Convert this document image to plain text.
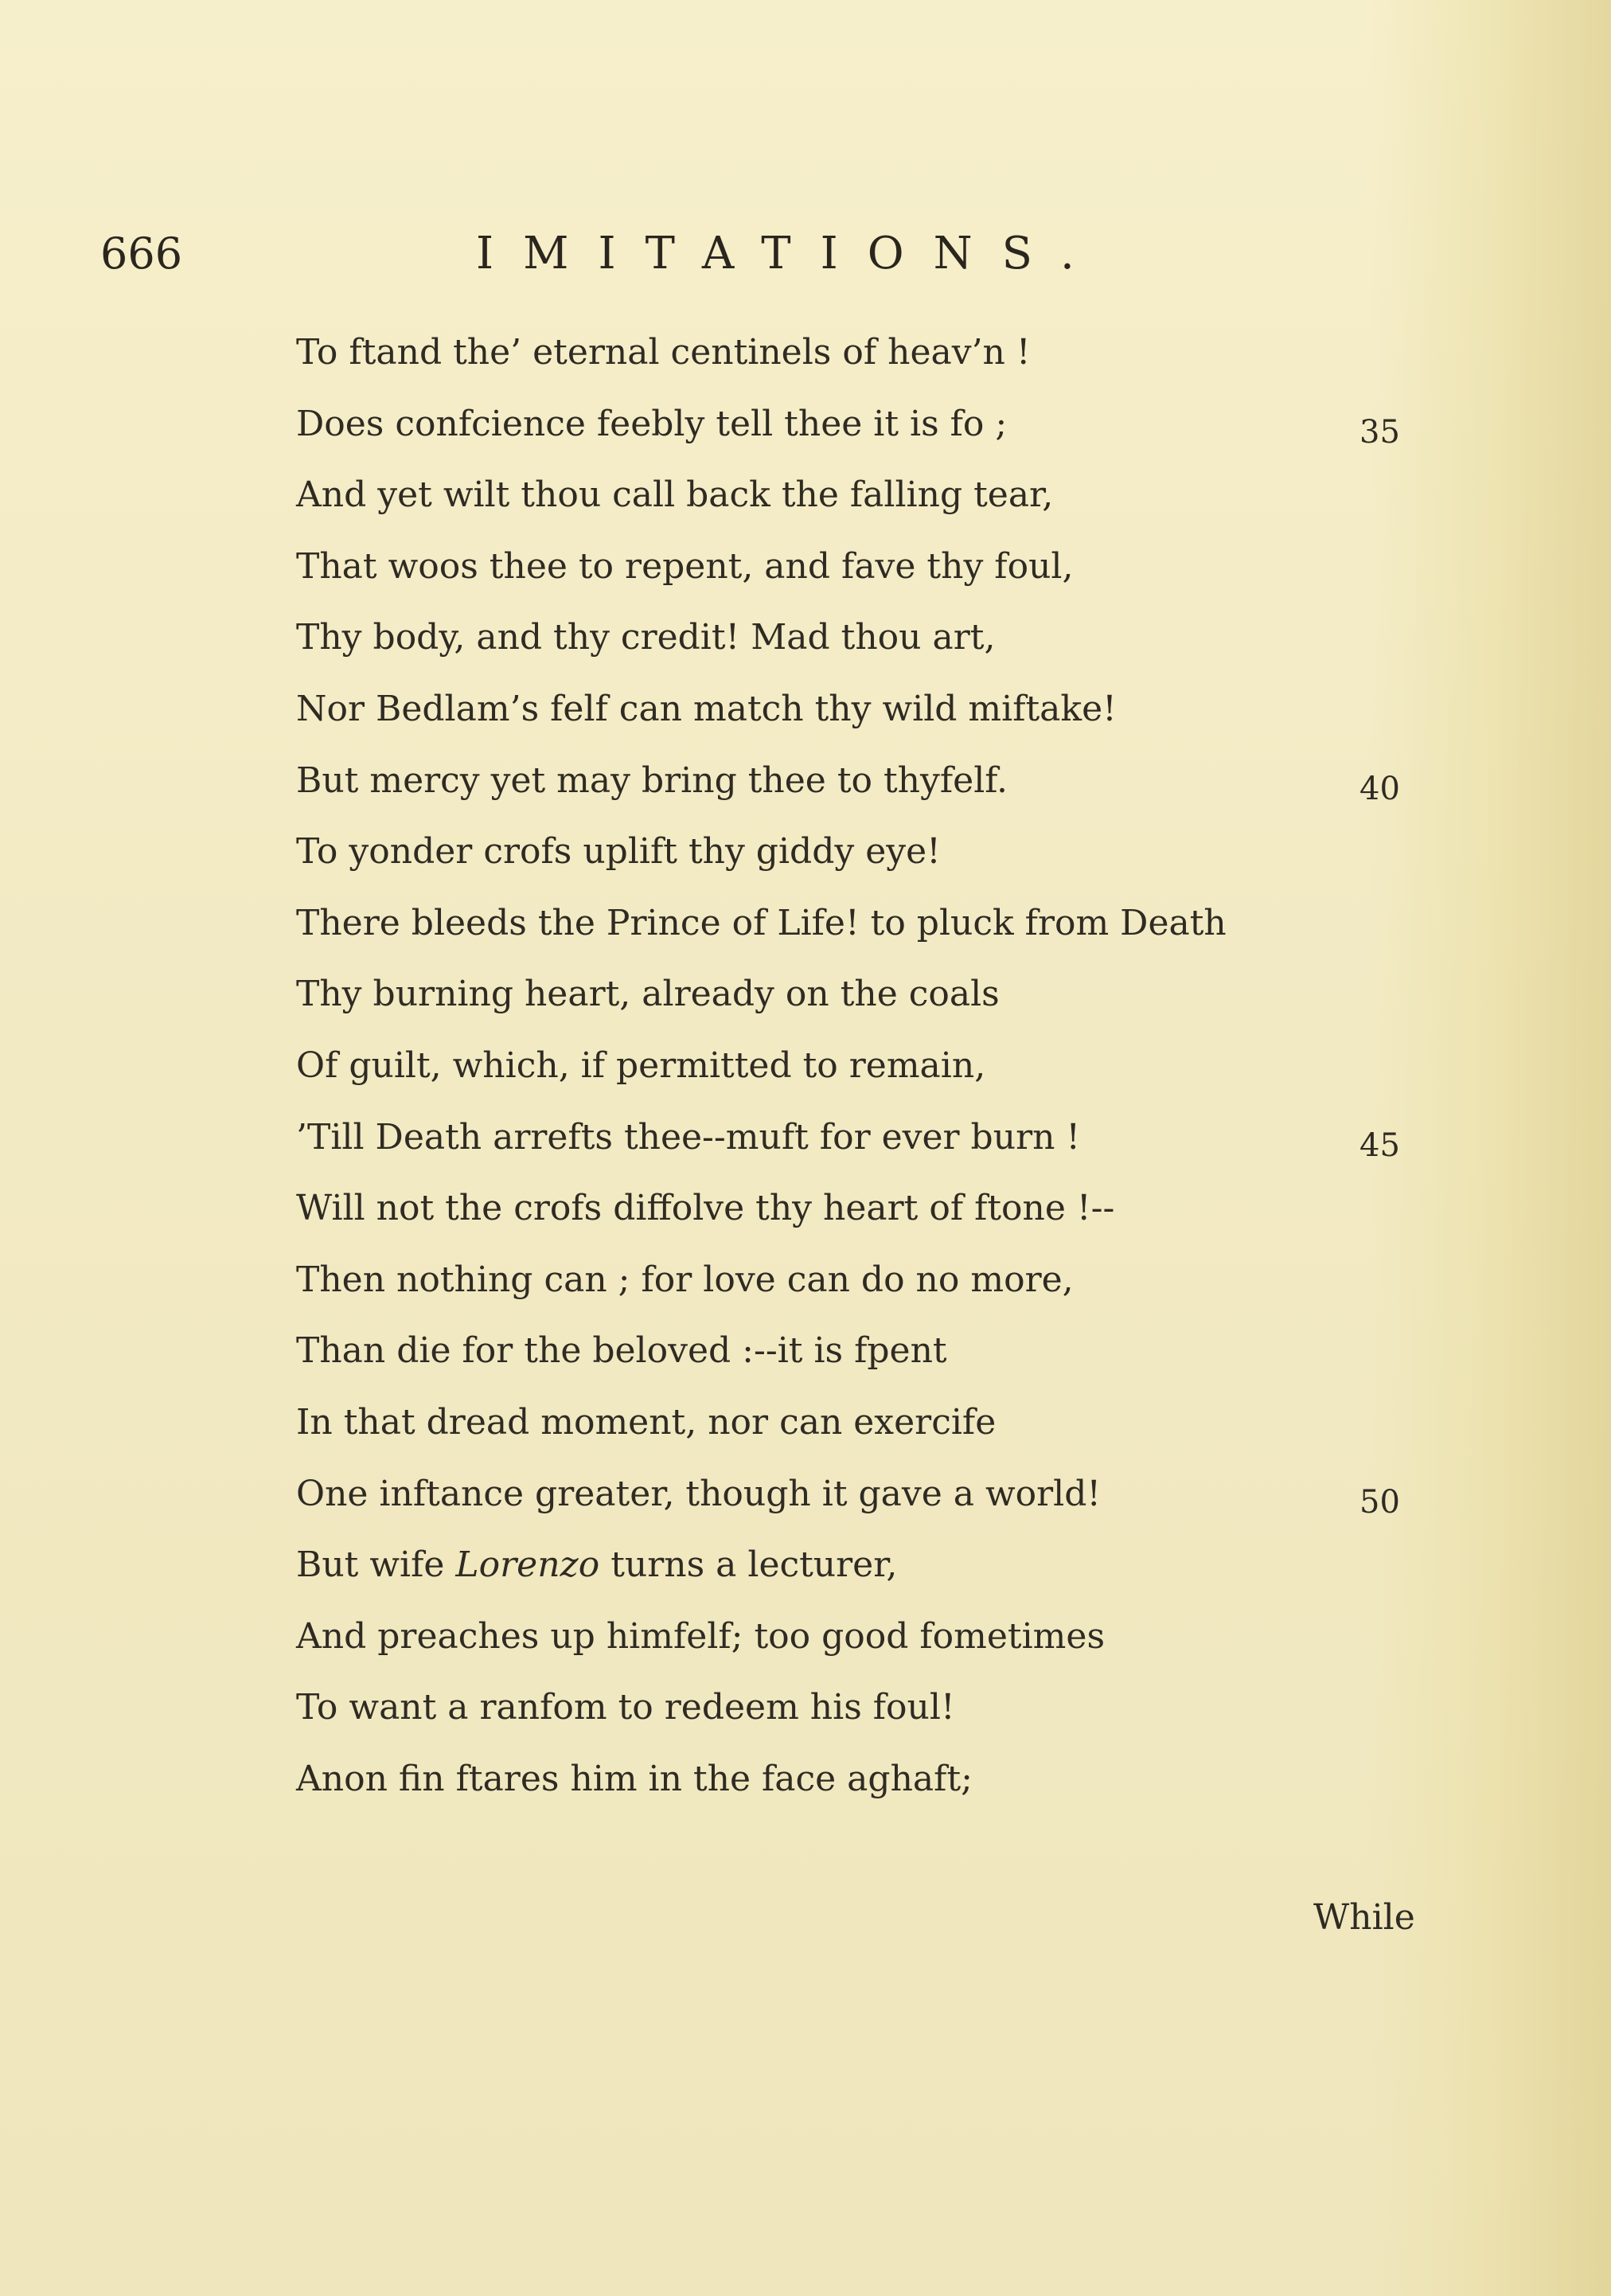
666	IMITATIONS.
To ftand the’ eternal centinels of heav’n !
Does confcience feebly tell thee it is fo ;	35
And yet wilt thou call back the falling tear,
That woos thee to repent, and fave thy foul,
Thy body, and thy credit! Mad thou art,
Nor Bedlam’s felf can match thy wild miftake!
But mercy yet may bring thee to thyfelf.	40
To yonder crofs uplift thy giddy eye!
There bleeds the Prince of Life! to pluck from Death
Thy burning heart, already on the coals
Of guilt, which, if permitted to remain,
’Till Death arrefts thee--muft for ever burn !	45
Will not the crofs diffolve thy heart of ftone !--
Then nothing can ; for love can do no more,
Than die for the beloved :--it is fpent
In that dread moment, nor can exercife
One inftance greater, though it gave a world!	50
But wife Lorenzo turns a lecturer,
And preaches up himfelf; too good fometimes
To want a ranfom to redeem his foul!
Anon fin ftares him in the face aghaft;
While
